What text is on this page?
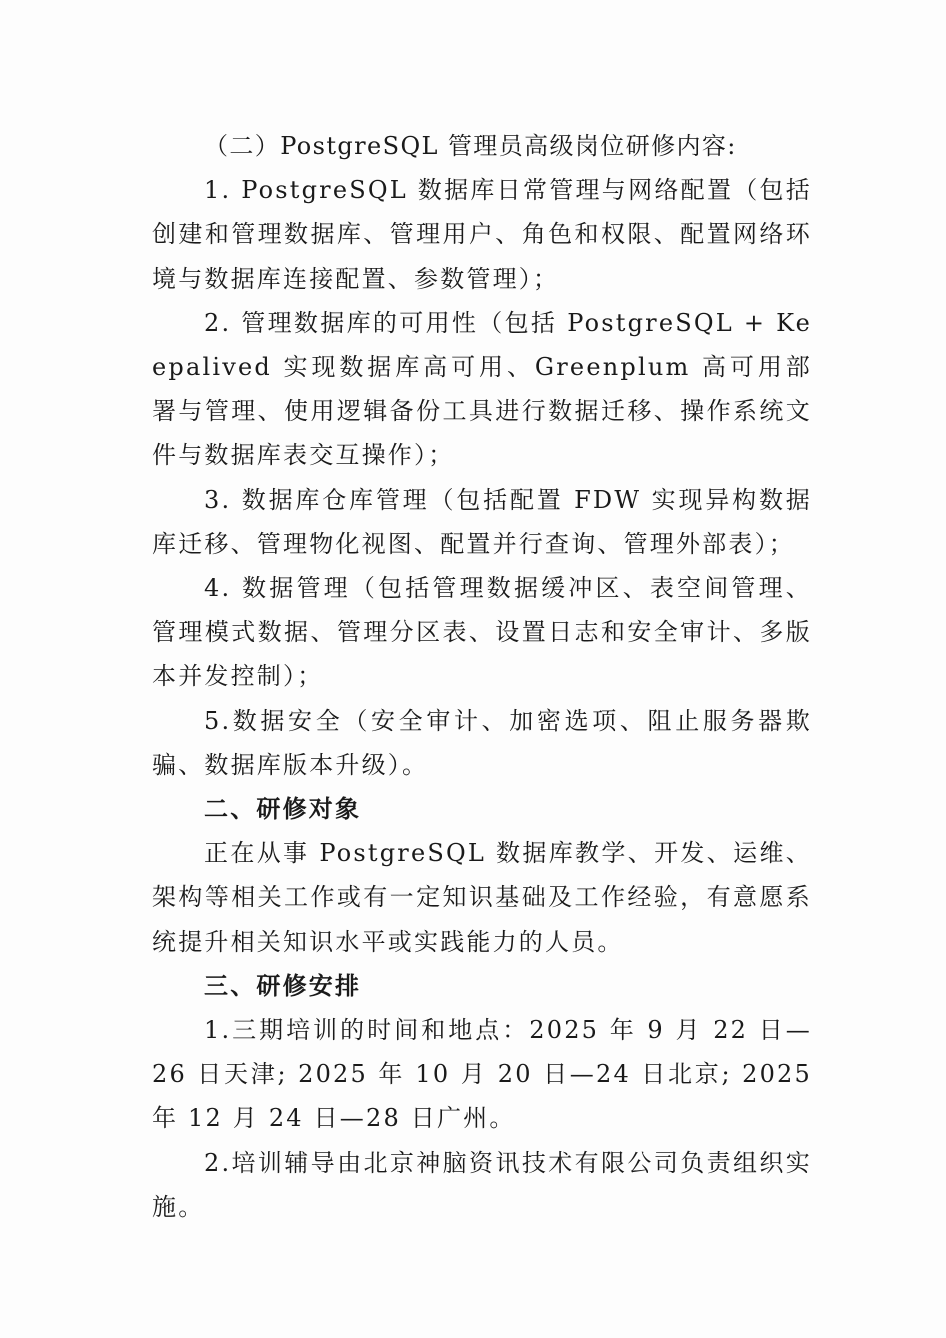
（二）PostgreSQL 管理员高级岗位研修内容:

1. PostgreSQL 数据库日常管理与网络配置（包括创建和管理数据库、管理用户、角色和权限、配置网络环境与数据库连接配置、参数管理）；

2. 管理数据库的可用性（包括 PostgreSQL + Keepalived 实现数据库高可用、Greenplum 高可用部署与管理、使用逻辑备份工具进行数据迁移、操作系统文件与数据库表交互操作）；

3. 数据库仓库管理（包括配置 FDW 实现异构数据库迁移、管理物化视图、配置并行查询、管理外部表）；

4. 数据管理（包括管理数据缓冲区、表空间管理、管理模式数据、管理分区表、设置日志和安全审计、多版本并发控制）；

5.数据安全（安全审计、加密选项、阻止服务器欺骗、数据库版本升级）。

二、研修对象

正在从事 PostgreSQL 数据库教学、开发、运维、架构等相关工作或有一定知识基础及工作经验，有意愿系统提升相关知识水平或实践能力的人员。

三、研修安排

1.三期培训的时间和地点：2025 年 9 月 22 日—26 日天津; 2025 年 10 月 20 日—24 日北京; 2025 年 12 月 24 日—28 日广州。

2.培训辅导由北京神脑资讯技术有限公司负责组织实施。
